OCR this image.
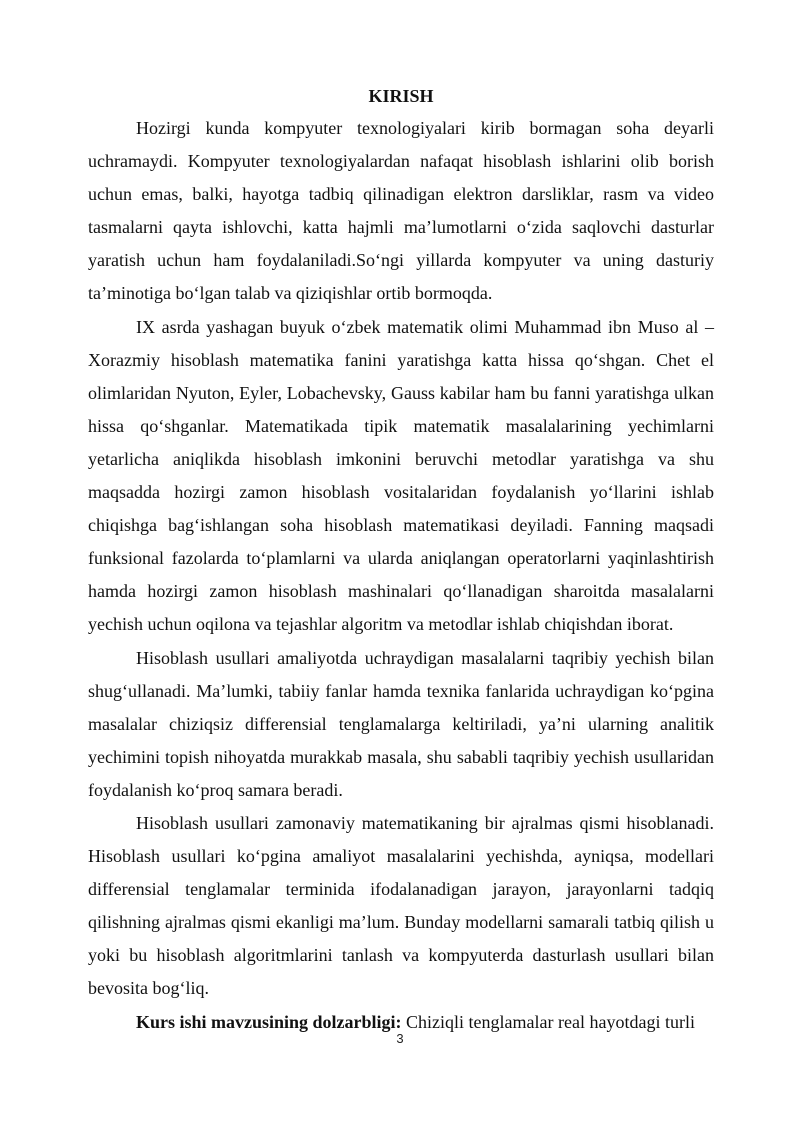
KIRISH

Hozirgi kunda kompyuter texnologiyalari kirib bormagan soha deyarli uchramaydi. Kompyuter texnologiyalardan nafaqat hisoblash ishlarini olib borish uchun emas, balki, hayotga tadbiq qilinadigan elektron darsliklar, rasm va video tasmalarni qayta ishlovchi, katta hajmli ma’lumotlarni o‘zida saqlovchi dasturlar yaratish uchun ham foydalaniladi.So‘ngi yillarda kompyuter va uning dasturiy ta’minotiga bo‘lgan talab va qiziqishlar ortib bormoqda.

IX asrda yashagan buyuk o‘zbek matematik olimi Muhammad ibn Muso al – Xorazmiy hisoblash matematika fanini yaratishga katta hissa qo‘shgan. Chet el olimlaridan Nyuton, Eyler, Lobachevsky, Gauss kabilar ham bu fanni yaratishga ulkan hissa qo‘shganlar. Matematikada tipik matematik masalalarining yechimlarni yetarlicha aniqlikda hisoblash imkonini beruvchi metodlar yaratishga va shu maqsadda hozirgi zamon hisoblash vositalaridan foydalanish yo‘llarini ishlab chiqishga bag‘ishlangan soha hisoblash matematikasi deyiladi. Fanning maqsadi funksional fazolarda to‘plamlarni va ularda aniqlangan operatorlarni yaqinlashtirish hamda hozirgi zamon hisoblash mashinalari qo‘llanadigan sharoitda masalalarni yechish uchun oqilona va tejashlar algoritm va metodlar ishlab chiqishdan iborat.

Hisoblash usullari amaliyotda uchraydigan masalalarni taqribiy yechish bilan shug‘ullanadi. Ma’lumki, tabiiy fanlar hamda texnika fanlarida uchraydigan ko‘pgina masalalar chiziqsiz differensial tenglamalarga keltiriladi, ya’ni ularning analitik yechimini topish nihoyatda murakkab masala, shu sababli taqribiy yechish usullaridan foydalanish ko‘proq samara beradi.

Hisoblash usullari zamonaviy matematikaning bir ajralmas qismi hisoblanadi. Hisoblash usullari ko‘pgina amaliyot masalalarini yechishda, ayniqsa, modellari differensial tenglamalar terminida ifodalanadigan jarayon, jarayonlarni tadqiq qilishning ajralmas qismi ekanligi ma’lum. Bunday modellarni samarali tatbiq qilish u yoki bu hisoblash algoritmlarini tanlash va kompyuterda dasturlash usullari bilan bevosita bog‘liq.

Kurs ishi mavzusining dolzarbligi: Chiziqli tenglamalar real hayotdagi turli

3
